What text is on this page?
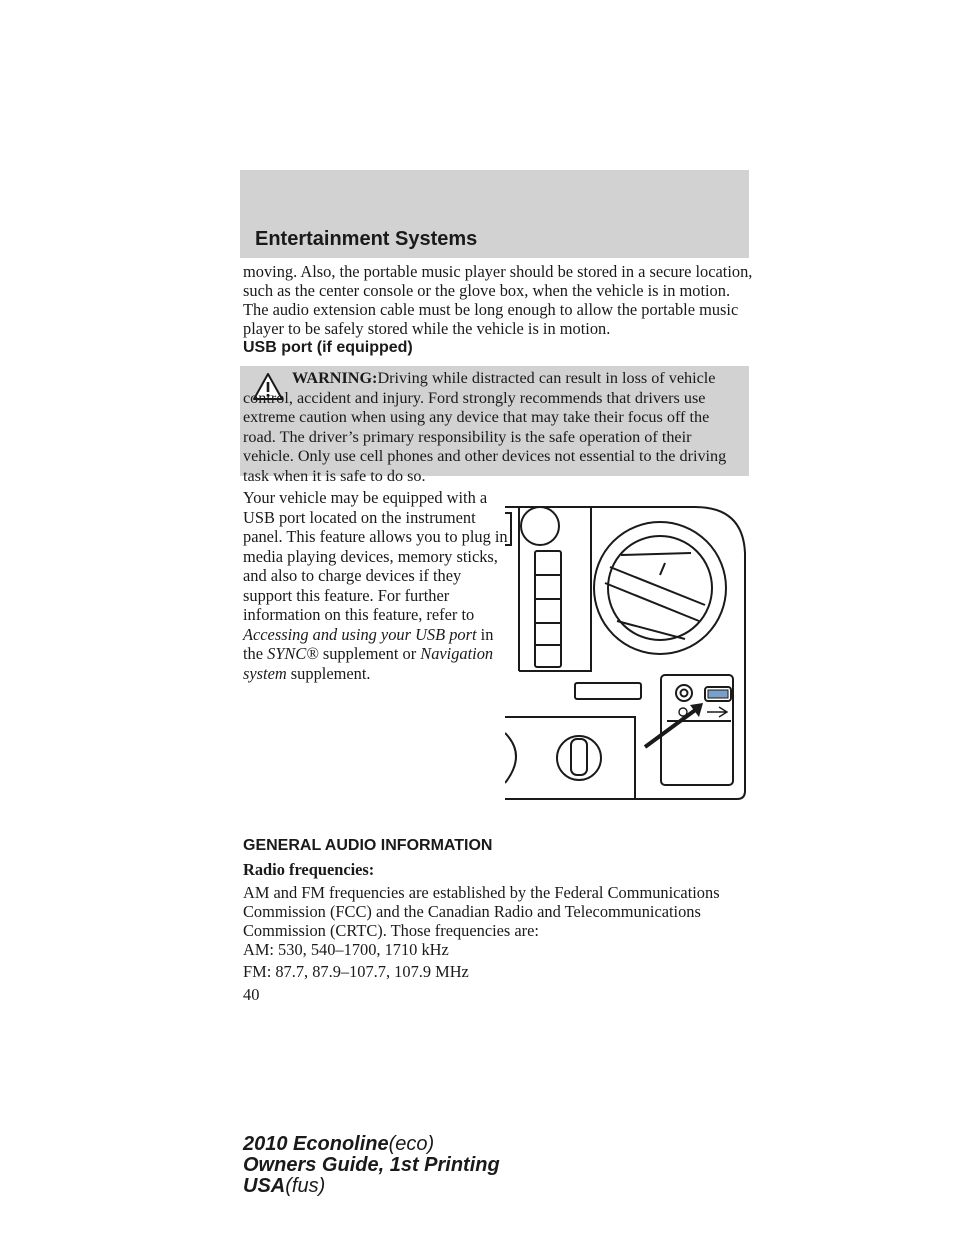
Entertainment Systems
moving. Also, the portable music player should be stored in a secure location, such as the center console or the glove box, when the vehicle is in motion. The audio extension cable must be long enough to allow the portable music player to be safely stored while the vehicle is in motion.
USB port (if equipped)
WARNING:Driving while distracted can result in loss of vehicle control, accident and injury. Ford strongly recommends that drivers use extreme caution when using any device that may take their focus off the road. The driver’s primary responsibility is the safe operation of their vehicle. Only use cell phones and other devices not essential to the driving task when it is safe to do so.
Your vehicle may be equipped with a USB port located on the instrument panel. This feature allows you to plug in media playing devices, memory sticks, and also to charge devices if they support this feature. For further information on this feature, refer to Accessing and using your USB port in the SYNC® supplement or Navigation system supplement.
GENERAL AUDIO INFORMATION
Radio frequencies:
AM and FM frequencies are established by the Federal Communications Commission (FCC) and the Canadian Radio and Telecommunications Commission (CRTC). Those frequencies are:
AM: 530, 540–1700, 1710 kHz
FM: 87.7, 87.9–107.7, 107.9 MHz
40
2010 Econoline(eco)
Owners Guide, 1st Printing
USA(fus)
